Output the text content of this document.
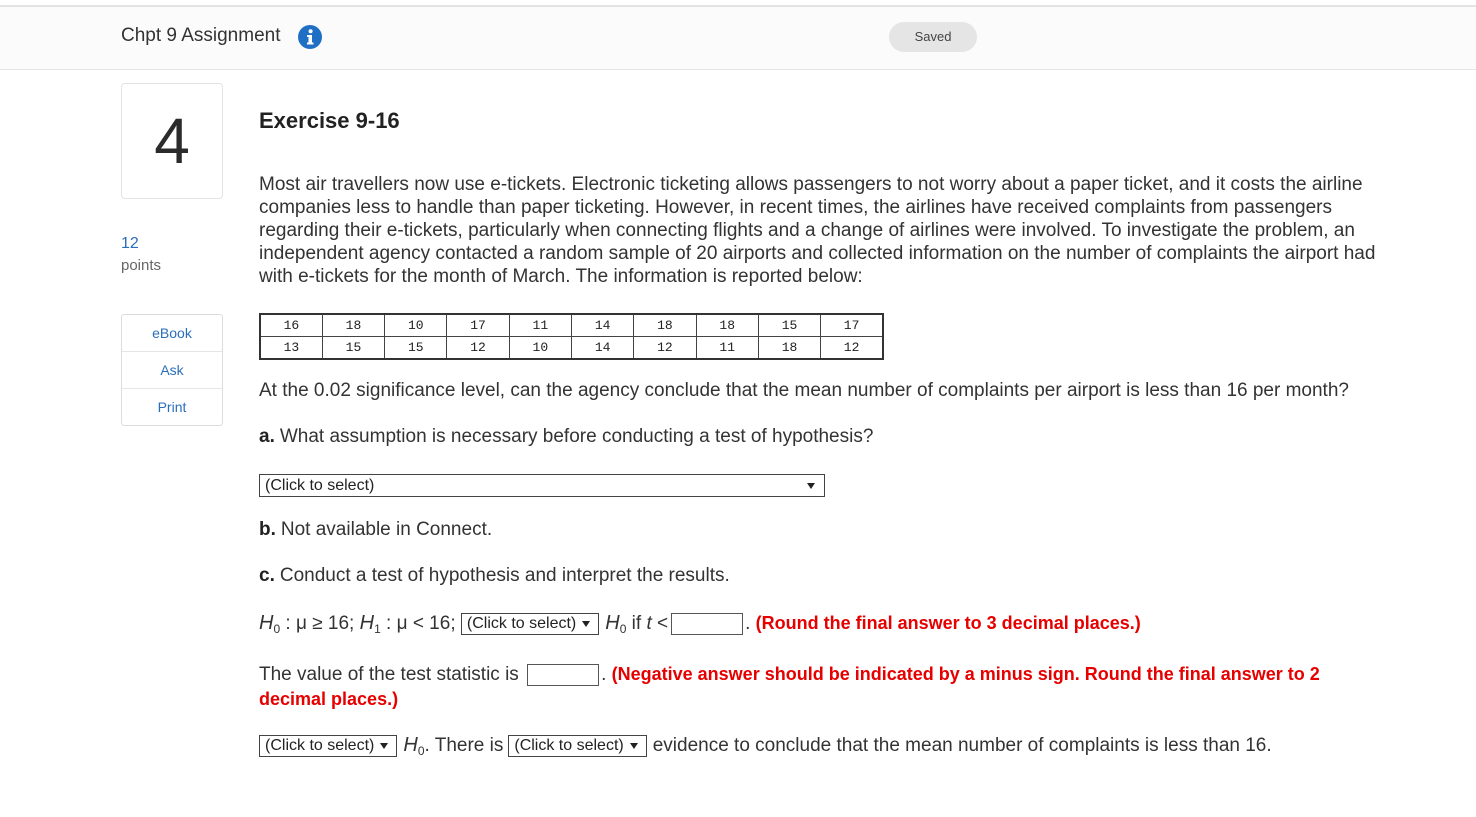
Chpt 9 Assignment	Saved
4
12
points
eBook
Ask
Print
Exercise 9-16

Most air travellers now use e-tickets. Electronic ticketing allows passengers to not worry about a paper ticket, and it costs the airline companies less to handle than paper ticketing. However, in recent times, the airlines have received complaints from passengers regarding their e-tickets, particularly when connecting flights and a change of airlines were involved. To investigate the problem, an independent agency contacted a random sample of 20 airports and collected information on the number of complaints the airport had with e-tickets for the month of March. The information is reported below:

16	18	10	17	11	14	18	18	15	17
13	15	15	12	10	14	12	11	18	12
At the 0.02 significance level, can the agency conclude that the mean number of complaints per airport is less than 16 per month?
a. What assumption is necessary before conducting a test of hypothesis?
(Click to select)
b. Not available in Connect.
c. Conduct a test of hypothesis and interpret the results.
$H_0$ : μ ≥ 16; $H_1$ : μ < 16; (Click to select) $H_0$ if t <	. (Round the final answer to 3 decimal places.)
The value of the test statistic is	. (Negative answer should be indicated by a minus sign. Round the final answer to 2 decimal places.)
(Click to select) $H_0$. There is (Click to select) evidence to conclude that the mean number of complaints is less than 16.
